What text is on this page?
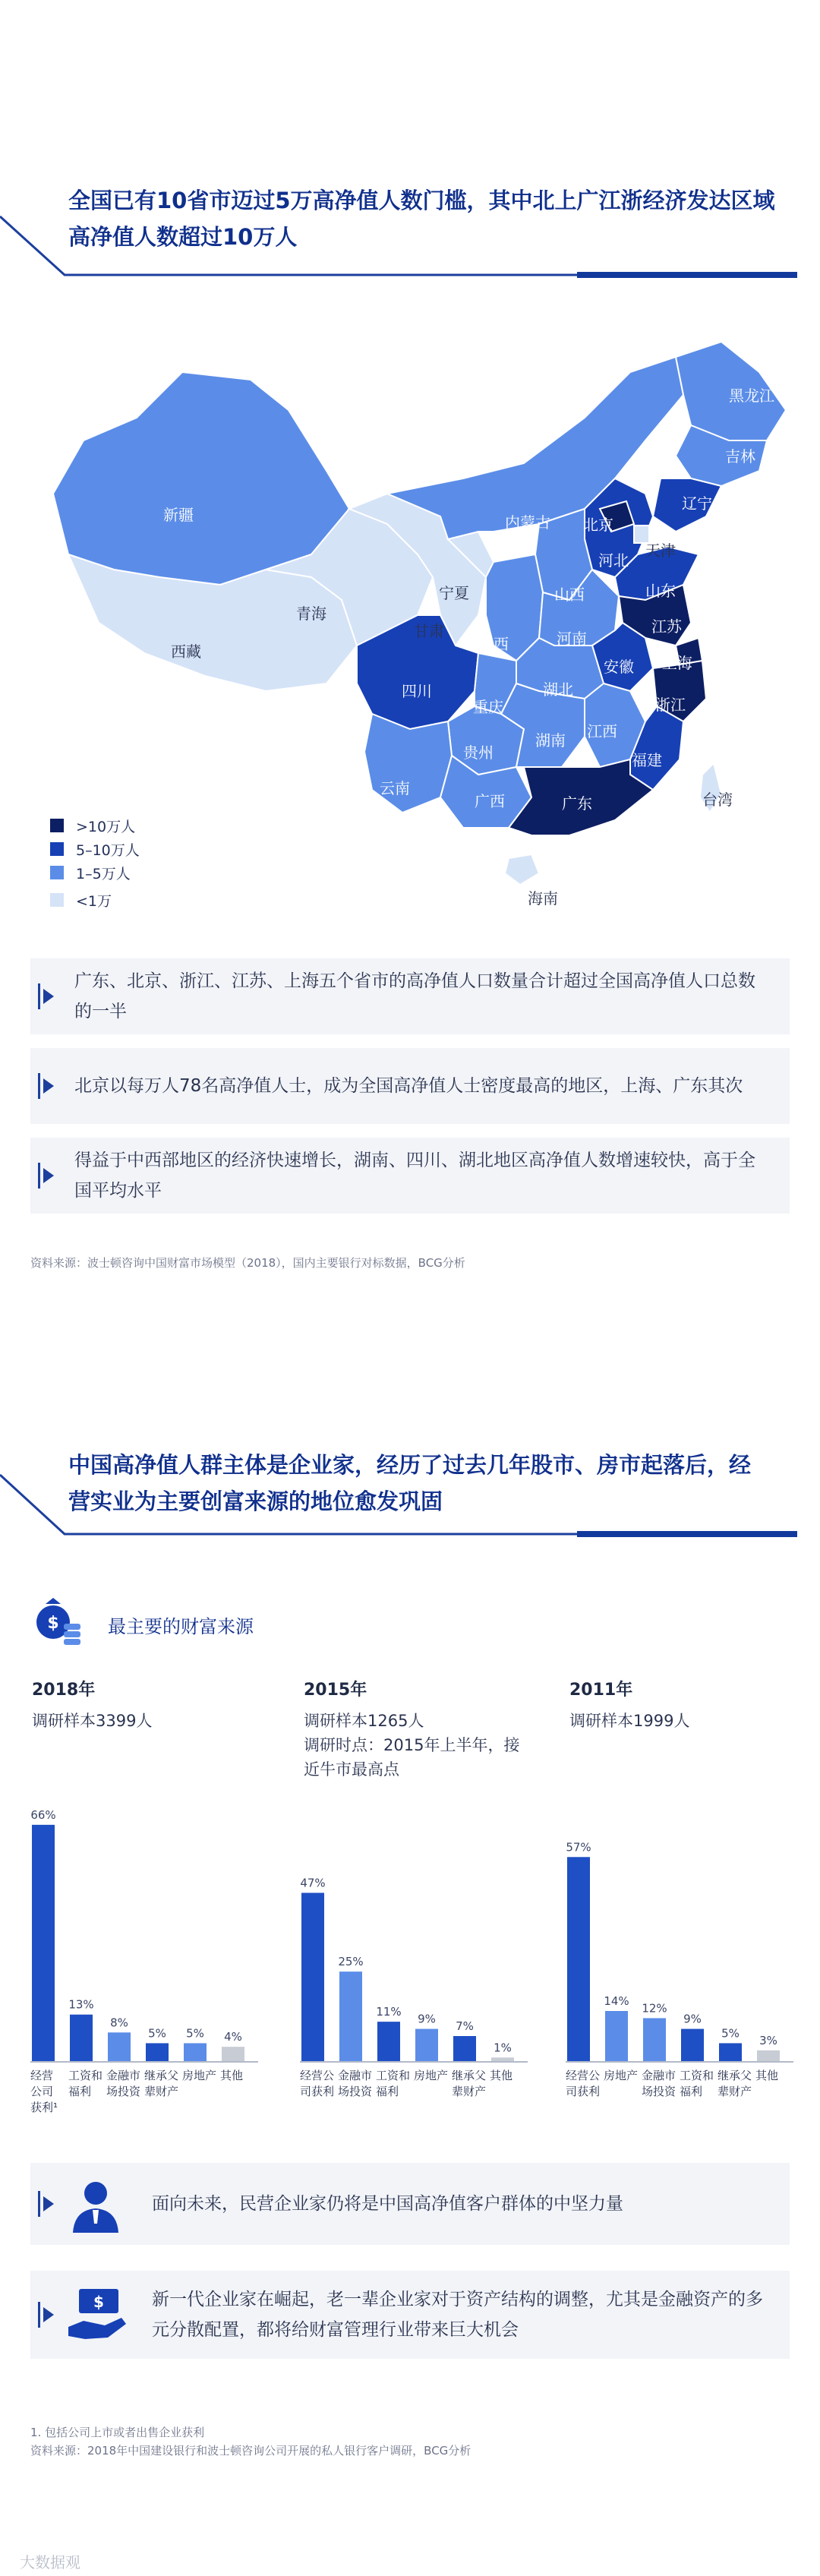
全国已有10省市迈过5万高净值人数门槛，其中北上广江浙经济发达区域
高净值人数超过10万人
黑龙江
吉林
辽宁
内蒙古 北京
天津
河北
山西	山东
新疆
青海
西藏
甘肃
宁夏
陕西	河南
江苏
安徽 上海
四川
重庆
湖北
浙江
贵州
湖南 江西
福建
云南
广西	广东	台湾
海南
>10万人
5–10万人
1–5万人
<1万
广东、北京、浙江、江苏、上海五个省市的高净值人口数量合计超过全国高净值人口总数的一半
北京以每万人78名高净值人士，成为全国高净值人士密度最高的地区，上海、广东其次
得益于中西部地区的经济快速增长，湖南、四川、湖北地区高净值人数增速较快，高于全国平均水平
资料来源：波士顿咨询中国财富市场模型（2018），国内主要银行对标数据，BCG分析
中国高净值人群主体是企业家，经历了过去几年股市、房市起落后，经
营实业为主要创富来源的地位愈发巩固
$	最主要的财富来源
2018年
调研样本3399人
2015年
调研样本1265人
调研时点：2015年上半年，接
近牛市最高点
2011年
调研样本1999人
66%
经营
公司
获利¹
13%
工资和
福利
8%
金融市
场投资
5%
继承父
辈财产
5%
房地产
4%
其他
47%
经营公
司获利
25%
金融市
场投资
11%
工资和
福利
9%
房地产
7%
继承父
辈财产
1%
其他
57%
经营公
司获利
14%
房地产
12%
金融市
场投资
9%
工资和
福利
5%
继承父
辈财产
3%
其他
面向未来，民营企业家仍将是中国高净值客户群体的中坚力量
$	新一代企业家在崛起，老一辈企业家对于资产结构的调整，尤其是金融资产的多元分散配置，都将给财富管理行业带来巨大机会
1. 包括公司上市或者出售企业获利
资料来源：2018年中国建设银行和波士顿咨询公司开展的私人银行客户调研，BCG分析
大数据观
